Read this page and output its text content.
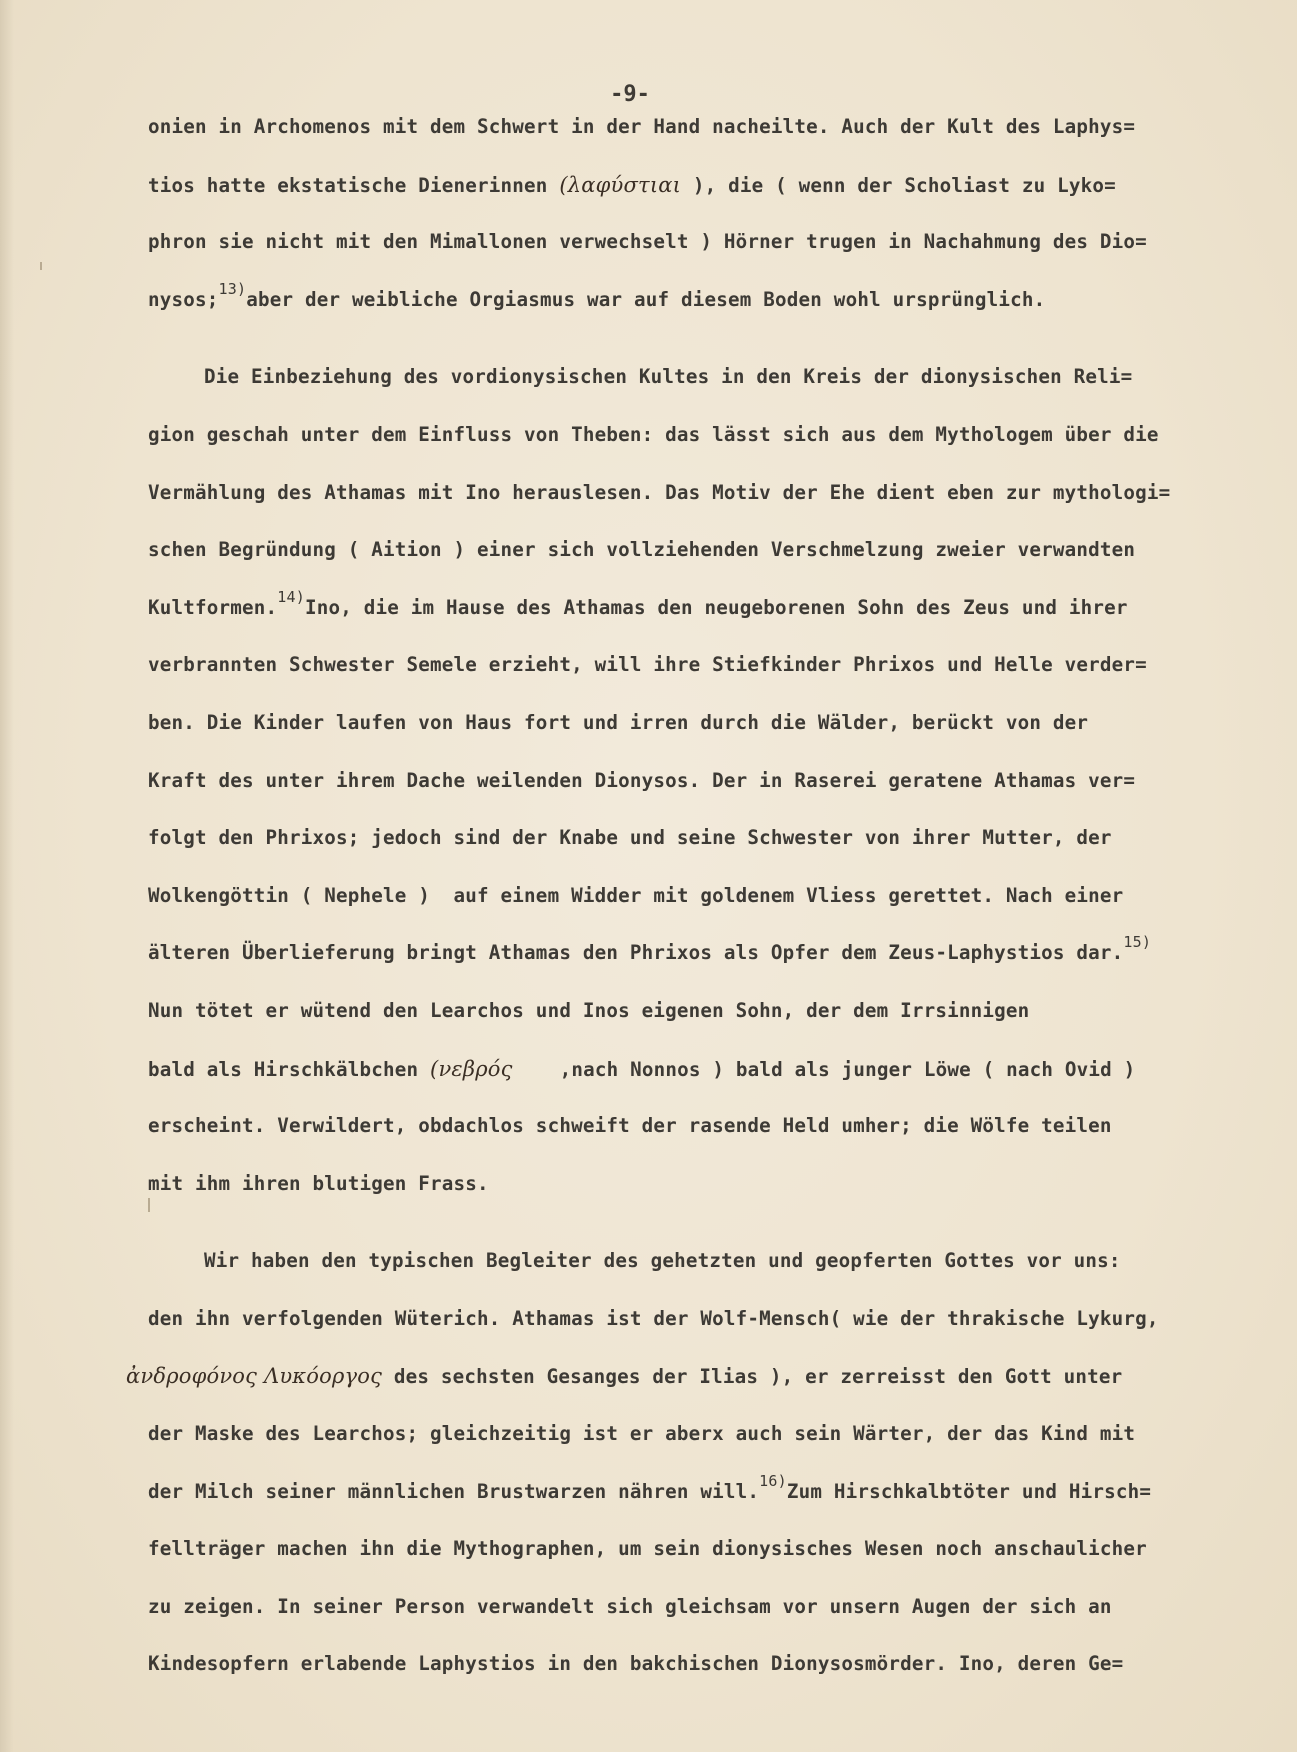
-9-
onien in Archomenos mit dem Schwert in der Hand nacheilte. Auch der Kult des Laphys=
tios hatte ekstatische Dienerinnen (λαφύστιαι ), die ( wenn der Scholiast zu Lyko=
phron sie nicht mit den Mimallonen verwechselt ) Hörner trugen in Nachahmung des Dio=
nysos;$^{13)}$aber der weibliche Orgiasmus war auf diesem Boden wohl ursprünglich.
Die Einbeziehung des vordionysischen Kultes in den Kreis der dionysischen Reli=
gion geschah unter dem Einfluss von Theben: das lässt sich aus dem Mythologem über die
Vermählung des Athamas mit Ino herauslesen. Das Motiv der Ehe dient eben zur mythologi=
schen Begründung ( Aition ) einer sich vollziehenden Verschmelzung zweier verwandten
Kultformen.$^{14)}$Ino, die im Hause des Athamas den neugeborenen Sohn des Zeus und ihrer
verbrannten Schwester Semele erzieht, will ihre Stiefkinder Phrixos und Helle verder=
ben. Die Kinder laufen von Haus fort und irren durch die Wälder, berückt von der
Kraft des unter ihrem Dache weilenden Dionysos. Der in Raserei geratene Athamas ver=
folgt den Phrixos; jedoch sind der Knabe und seine Schwester von ihrer Mutter, der
Wolkengöttin ( Nephele )  auf einem Widder mit goldenem Vliess gerettet. Nach einer
älteren Überlieferung bringt Athamas den Phrixos als Opfer dem Zeus-Laphystios dar.$^{15)}$
Nun tötet er wütend den Learchos und Inos eigenen Sohn, der dem Irrsinnigen
bald als Hirschkälbchen (νεβρός    ,nach Nonnos ) bald als junger Löwe ( nach Ovid )
erscheint. Verwildert, obdachlos schweift der rasende Held umher; die Wölfe teilen
mit ihm ihren blutigen Frass.
Wir haben den typischen Begleiter des gehetzten und geopferten Gottes vor uns:
den ihn verfolgenden Wüterich. Athamas ist der Wolf-Mensch( wie der thrakische Lykurg,
ἀνδροφόνος Λυκόοργος des sechsten Gesanges der Ilias ), er zerreisst den Gott unter
der Maske des Learchos; gleichzeitig ist er aberx auch sein Wärter, der das Kind mit
der Milch seiner männlichen Brustwarzen nähren will.$^{16)}$Zum Hirschkalbtöter und Hirsch=
fellträger machen ihn die Mythographen, um sein dionysisches Wesen noch anschaulicher
zu zeigen. In seiner Person verwandelt sich gleichsam vor unsern Augen der sich an
Kindesopfern erlabende Laphystios in den bakchischen Dionysosmörder. Ino, deren Ge=
